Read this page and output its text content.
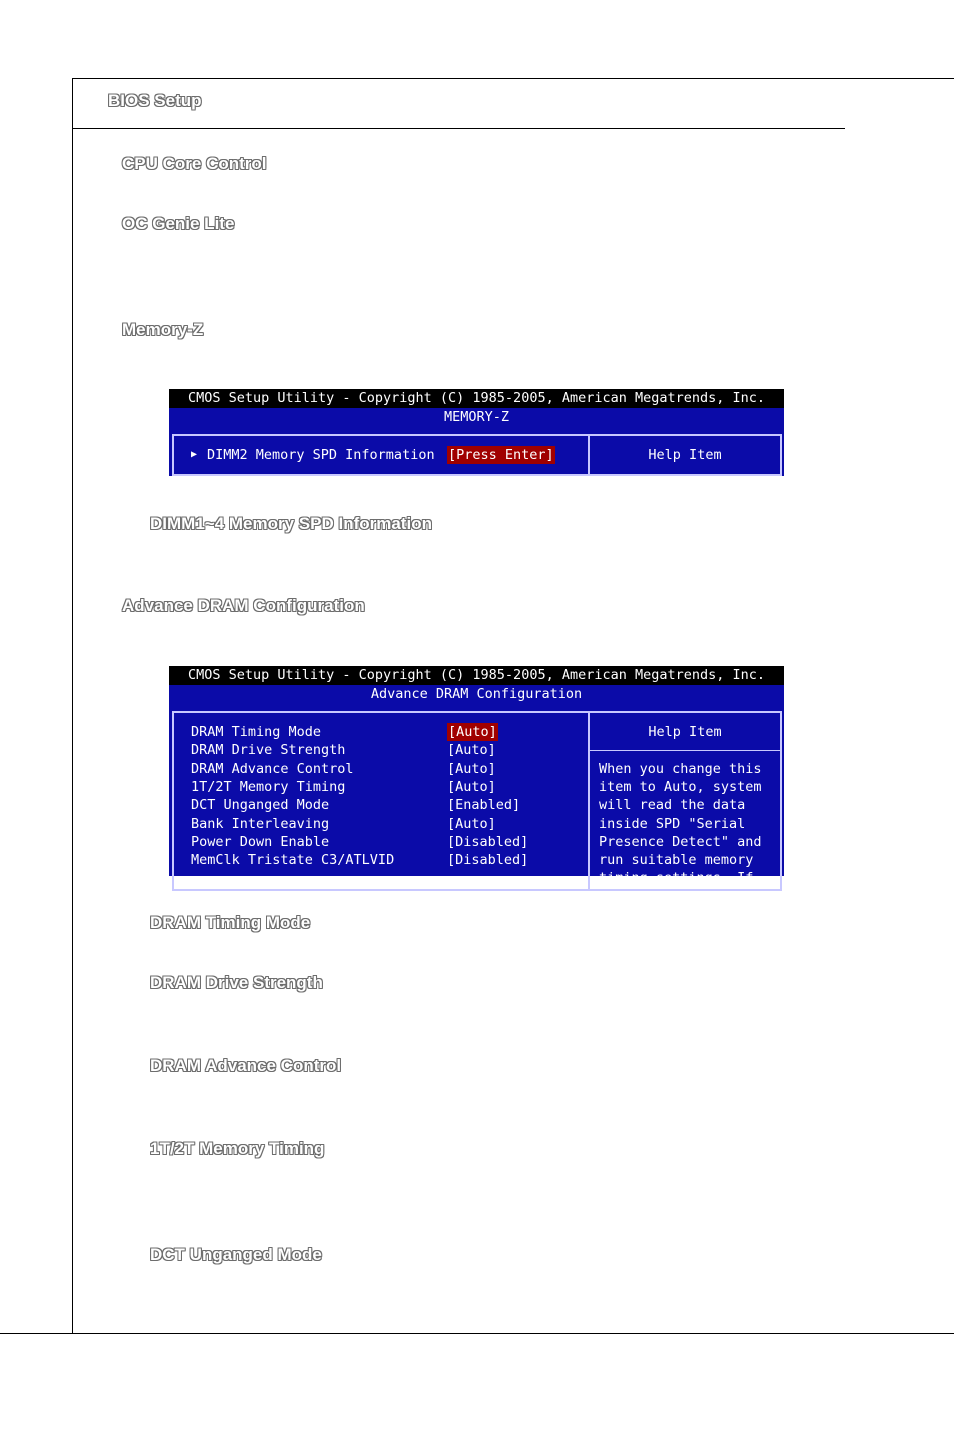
BIOS Setup
CPU Core Control
OC Genie Lite
Memory-Z
CMOS Setup Utility - Copyright (C) 1985-2005, American Megatrends, Inc.
MEMORY-Z
▶ DIMM2 Memory SPD Information [Press Enter]	Help Item
DIMM1~4 Memory SPD Information
Advance DRAM Configuration
CMOS Setup Utility - Copyright (C) 1985-2005, American Megatrends, Inc.
Advance DRAM Configuration
Help Item
DRAM Timing Mode	[Auto]
DRAM Drive Strength	[Auto]
DRAM Advance Control	[Auto]
1T/2T Memory Timing	[Auto]
DCT Unganged Mode	[Enabled]
Bank Interleaving	[Auto]
Power Down Enable	[Disabled]
MemClk Tristate C3/ATLVID	[Disabled]
When you change this
item to Auto, system
will read the data
inside SPD "Serial
Presence Detect" and
run suitable memory
timing settings. If
DRAM Timing Mode
DRAM Drive Strength
DRAM Advance Control
1T/2T Memory Timing
DCT Unganged Mode
